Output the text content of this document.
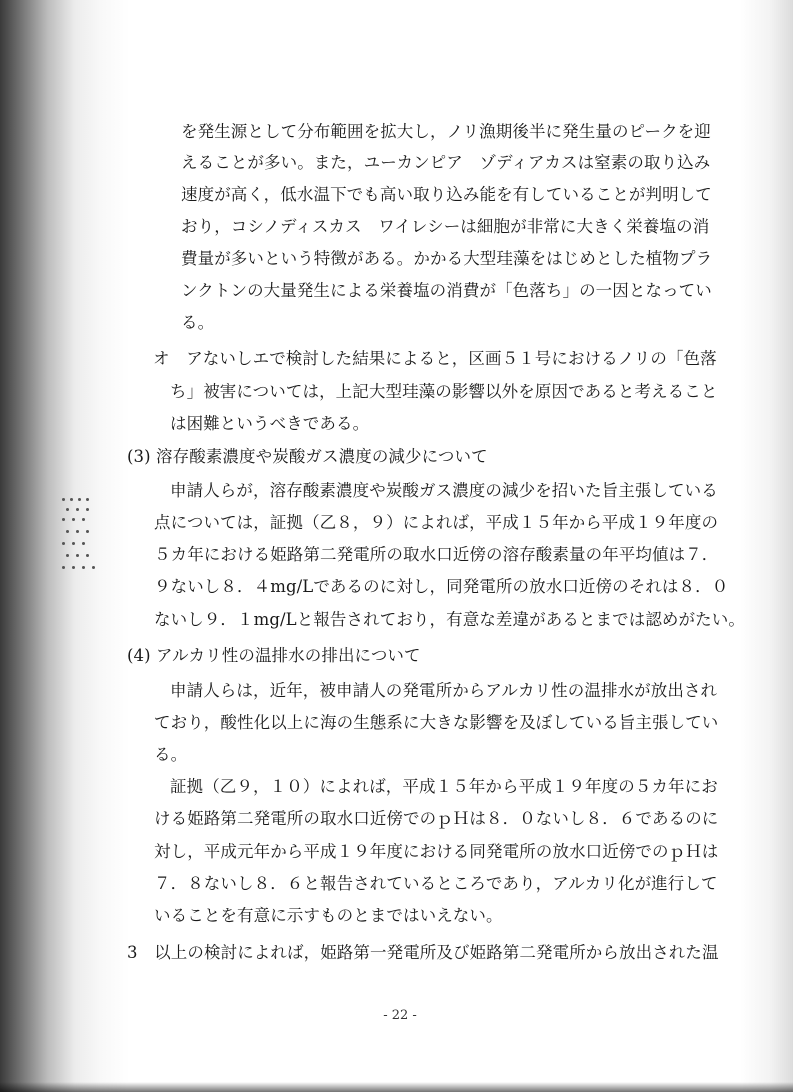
を発生源として分布範囲を拡大し，ノリ漁期後半に発生量のピークを迎
えることが多い。また，ユーカンピア　ゾディアカスは窒素の取り込み
速度が高く，低水温下でも高い取り込み能を有していることが判明して
おり，コシノディスカス　ワイレシーは細胞が非常に大きく栄養塩の消
費量が多いという特徴がある。かかる大型珪藻をはじめとした植物プラ
ンクトンの大量発生による栄養塩の消費が「色落ち」の一因となってい
る。
オ　アないしエで検討した結果によると，区画５１号におけるノリの「色落
ち」被害については，上記大型珪藻の影響以外を原因であると考えること
は困難というべきである。
(3) 溶存酸素濃度や炭酸ガス濃度の減少について
申請人らが，溶存酸素濃度や炭酸ガス濃度の減少を招いた旨主張している
点については，証拠（乙８，９）によれば，平成１５年から平成１９年度の
５カ年における姫路第二発電所の取水口近傍の溶存酸素量の年平均値は７．
９ないし８．４mg/Lであるのに対し，同発電所の放水口近傍のそれは８．０
ないし９．１mg/Lと報告されており，有意な差違があるとまでは認めがたい。
(4) アルカリ性の温排水の排出について
申請人らは，近年，被申請人の発電所からアルカリ性の温排水が放出され
ており，酸性化以上に海の生態系に大きな影響を及ぼしている旨主張してい
る。
証拠（乙９，１０）によれば，平成１５年から平成１９年度の５カ年にお
ける姫路第二発電所の取水口近傍でのｐＨは８．０ないし８．６であるのに
対し，平成元年から平成１９年度における同発電所の放水口近傍でのｐＨは
７．８ないし８．６と報告されているところであり，アルカリ化が進行して
いることを有意に示すものとまではいえない。
3　以上の検討によれば，姫路第一発電所及び姫路第二発電所から放出された温
- 22 -
